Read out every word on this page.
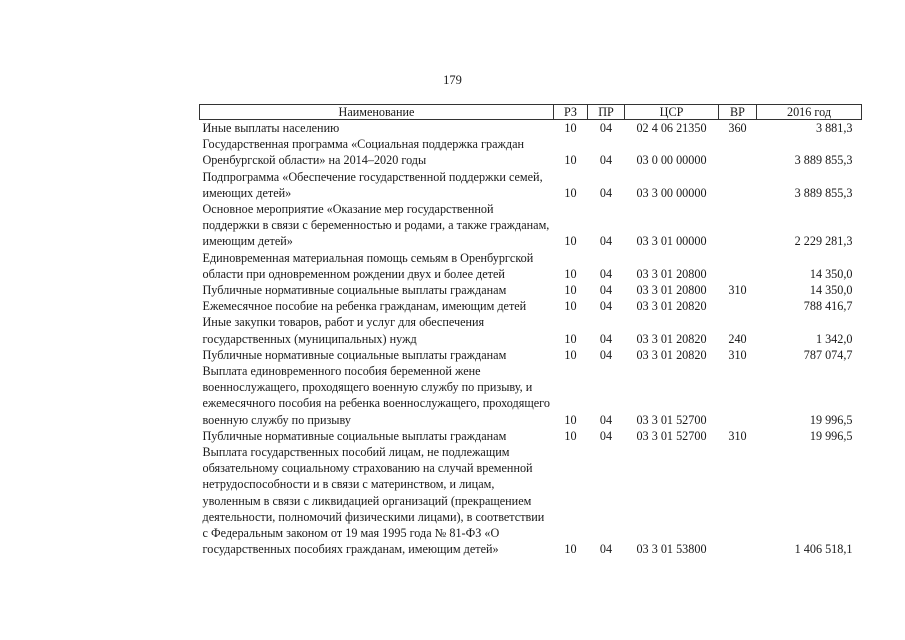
179
Наименование	РЗ	ПР	ЦСР	ВР	2016 год
Иные выплаты населению	10	04	02 4 06 21350	360	3 881,3
Государственная программа «Социальная поддержка граждан Оренбургской области» на 2014–2020 годы	10	04	03 0 00 00000		3 889 855,3
Подпрограмма «Обеспечение государственной поддержки семей, имеющих детей»	10	04	03 3 00 00000		3 889 855,3
Основное мероприятие «Оказание мер государственной поддержки в связи с беременностью и родами, а также гражданам, имеющим детей»	10	04	03 3 01 00000		2 229 281,3
Единовременная материальная помощь семьям в Оренбургской области при одновременном рождении двух и более детей	10	04	03 3 01 20800		14 350,0
Публичные нормативные социальные выплаты гражданам	10	04	03 3 01 20800	310	14 350,0
Ежемесячное пособие на ребенка гражданам, имеющим детей	10	04	03 3 01 20820		788 416,7
Иные закупки товаров, работ и услуг для обеспечения государственных (муниципальных) нужд	10	04	03 3 01 20820	240	1 342,0
Публичные нормативные социальные выплаты гражданам	10	04	03 3 01 20820	310	787 074,7
Выплата единовременного пособия беременной жене военнослужащего, проходящего военную службу по призыву, и ежемесячного пособия на ребенка военнослужащего, проходящего военную службу по призыву	10	04	03 3 01 52700		19 996,5
Публичные нормативные социальные выплаты гражданам	10	04	03 3 01 52700	310	19 996,5
Выплата государственных пособий лицам, не подлежащим обязательному социальному страхованию на случай временной нетрудоспособности и в связи с материнством, и лицам, уволенным в связи с ликвидацией организаций (прекращением деятельности, полномочий физическими лицами), в соответствии с Федеральным законом от 19 мая 1995 года № 81-ФЗ «О государственных пособиях гражданам, имеющим детей»	10	04	03 3 01 53800		1 406 518,1
